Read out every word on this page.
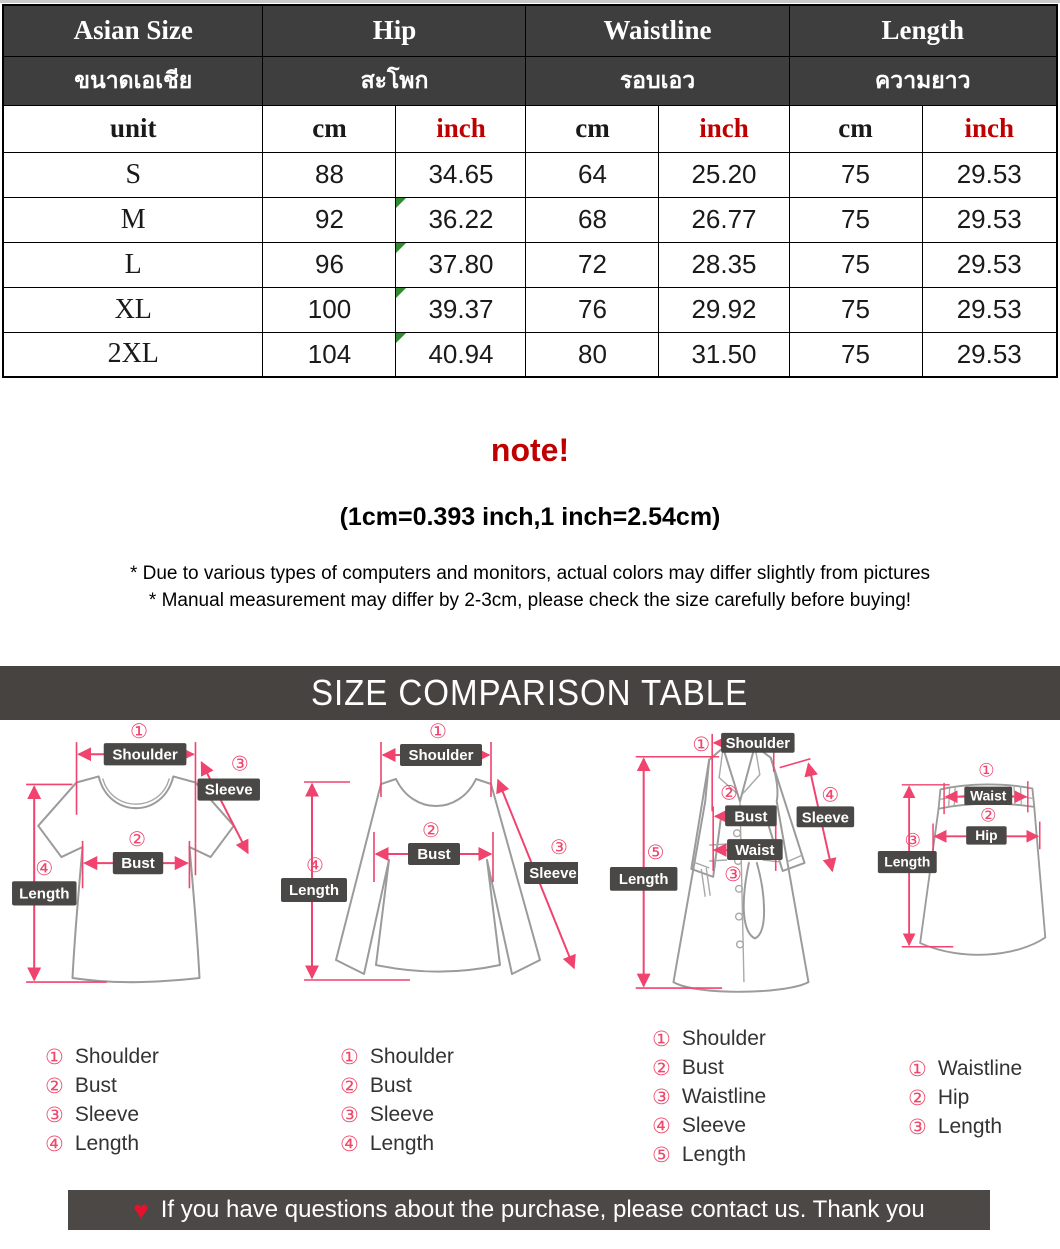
Asian Size	Hip		Waistline		Length	
ขนาดเอเชีย	สะโพก		รอบเอว		ความยาว	
unit	cm	inch	cm	inch	cm	inch
S	88	34.65	64	25.20	75	29.53
M	92	36.22	68	26.77	75	29.53
L	96	37.80	72	28.35	75	29.53
XL	100	39.37	76	29.92	75	29.53
2XL	104	40.94	80	31.50	75	29.53
note!
(1cm=0.393 inch,1 inch=2.54cm)
* Due to various types of computers and monitors, actual colors may differ slightly from pictures
* Manual measurement may differ by 2-3cm, please check the size carefully before buying!
SIZE COMPARISON TABLE
Shoulder
①
Sleeve
③
Bust
②
Length
④
Shoulder
①
Bust
②
Sleeve
③
Length
④
Shoulder
①
Bust
②
Waist
③
Sleeve
④
Length
⑤
Waist
①
Hip
②
Length
③
① Shoulder
② Bust
③ Sleeve
④ Length
① Shoulder
② Bust
③ Sleeve
④ Length
① Shoulder
② Bust
③ Waistline
④ Sleeve
⑤ Length
① Waistline
② Hip
③ Length
♥ If you have questions about the purchase, please contact us. Thank you
